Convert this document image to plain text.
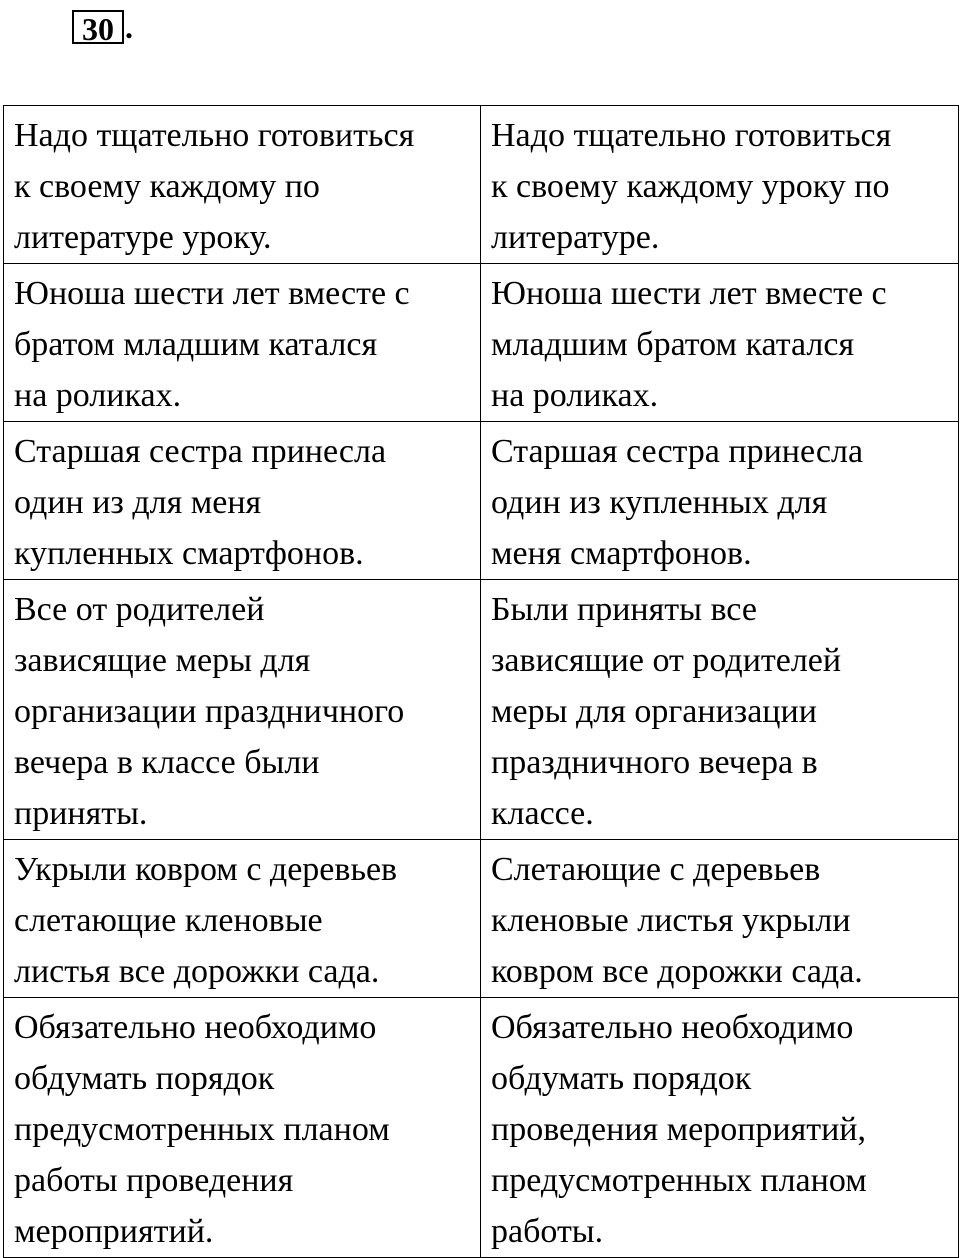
30 .
Надо тщательно готовиться
к своему каждому по
литературе уроку.	Надо тщательно готовиться
к своему каждому уроку по
литературе.

Юноша шести лет вместе с
братом младшим катался
на роликах.	Юноша шести лет вместе с
младшим братом катался
на роликах.

Старшая сестра принесла
один из для меня
купленных смартфонов.	Старшая сестра принесла
один из купленных для
меня смартфонов.

Все от родителей
зависящие меры для
организации праздничного
вечера в классе были
приняты.	Были приняты все
зависящие от родителей
меры для организации
праздничного вечера в
классе.

Укрыли ковром с деревьев
слетающие кленовые
листья все дорожки сада.	Слетающие с деревьев
кленовые листья укрыли
ковром все дорожки сада.

Обязательно необходимо
обдумать порядок
предусмотренных планом
работы проведения
мероприятий.	Обязательно необходимо
обдумать порядок
проведения мероприятий,
предусмотренных планом
работы.
